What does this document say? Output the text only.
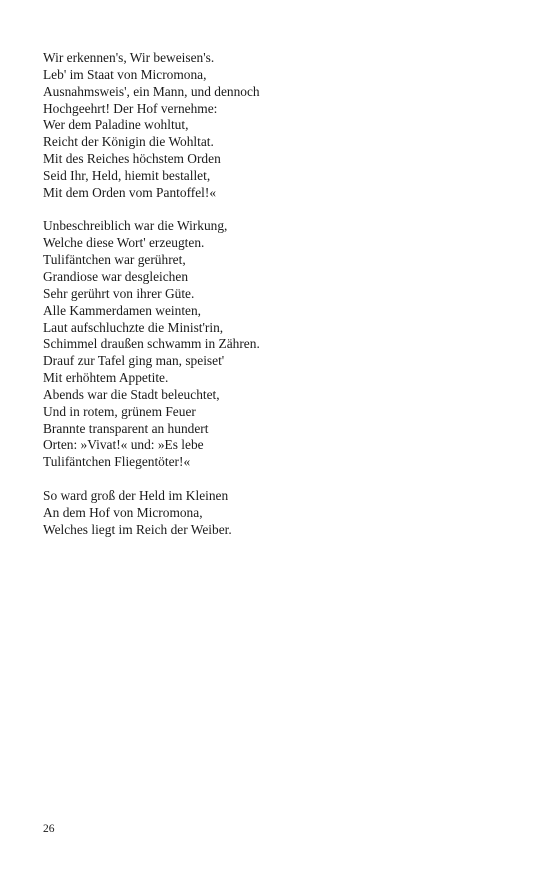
Wir erkennen's, Wir beweisen's.
Leb' im Staat von Micromona,
Ausnahmsweis', ein Mann, und dennoch
Hochgeehrt! Der Hof vernehme:
Wer dem Paladine wohltut,
Reicht der Königin die Wohltat.
Mit des Reiches höchstem Orden
Seid Ihr, Held, hiemit bestallet,
Mit dem Orden vom Pantoffel!«
Unbeschreiblich war die Wirkung,
Welche diese Wort' erzeugten.
Tulifäntchen war gerühret,
Grandiose war desgleichen
Sehr gerührt von ihrer Güte.
Alle Kammerdamen weinten,
Laut aufschluchzte die Minist'rin,
Schimmel draußen schwamm in Zähren.
Drauf zur Tafel ging man, speiset'
Mit erhöhtem Appetite.
Abends war die Stadt beleuchtet,
Und in rotem, grünem Feuer
Brannte transparent an hundert
Orten: »Vivat!« und: »Es lebe
Tulifäntchen Fliegentöter!«
So ward groß der Held im Kleinen
An dem Hof von Micromona,
Welches liegt im Reich der Weiber.
26
